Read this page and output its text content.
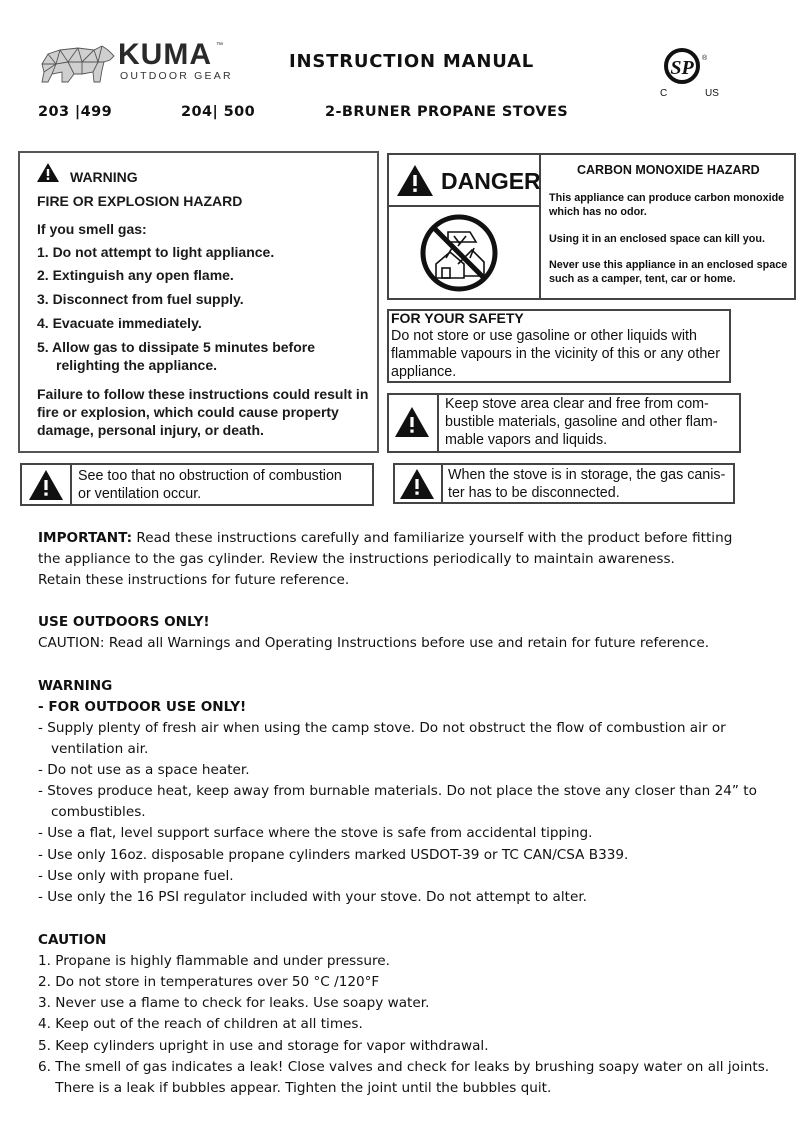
KUMA ™
OUTDOOR GEAR
INSTRUCTION MANUAL	SP ®
C	US
203 |499	204| 500	2-BRUNER PROPANE STOVES
WARNING
FIRE OR EXPLOSION HAZARD
If you smell gas:
1. Do not attempt to light appliance.
2. Extinguish any open flame.
3. Disconnect from fuel supply.
4. Evacuate immediately.
5. Allow gas to dissipate 5 minutes before
relighting the appliance.
Failure to follow these instructions could result in
fire or explosion, which could cause property
damage, personal injury, or death.
DANGER	CARBON MONOXIDE HAZARD
This appliance can produce carbon monoxide
which has no odor.
Using it in an enclosed space can kill you.
Never use this appliance in an enclosed space
such as a camper, tent, car or home.
FOR YOUR SAFETY
Do not store or use gasoline or other liquids with
flammable vapours in the vicinity of this or any other
appliance.
Keep stove area clear and free from com-
bustible materials, gasoline and other flam-
mable vapors and liquids.
See too that no obstruction of combustion
or ventilation occur.
When the stove is in storage, the gas canis-
ter has to be disconnected.
IMPORTANT: Read these instructions carefully and familiarize yourself with the product before fitting
the appliance to the gas cylinder. Review the instructions periodically to maintain awareness.
Retain these instructions for future reference.
USE OUTDOORS ONLY!
CAUTION: Read all Warnings and Operating Instructions before use and retain for future reference.
WARNING
- FOR OUTDOOR USE ONLY!
- Supply plenty of fresh air when using the camp stove. Do not obstruct the flow of combustion air or
ventilation air.
- Do not use as a space heater.
- Stoves produce heat, keep away from burnable materials. Do not place the stove any closer than 24” to
combustibles.
- Use a flat, level support surface where the stove is safe from accidental tipping.
- Use only 16oz. disposable propane cylinders marked USDOT-39 or TC CAN/CSA B339.
- Use only with propane fuel.
- Use only the 16 PSI regulator included with your stove. Do not attempt to alter.
CAUTION
1. Propane is highly flammable and under pressure.
2. Do not store in temperatures over 50 °C /120°F
3. Never use a flame to check for leaks. Use soapy water.
4. Keep out of the reach of children at all times.
5. Keep cylinders upright in use and storage for vapor withdrawal.
6. The smell of gas indicates a leak! Close valves and check for leaks by brushing soapy water on all joints.
There is a leak if bubbles appear. Tighten the joint until the bubbles quit.
